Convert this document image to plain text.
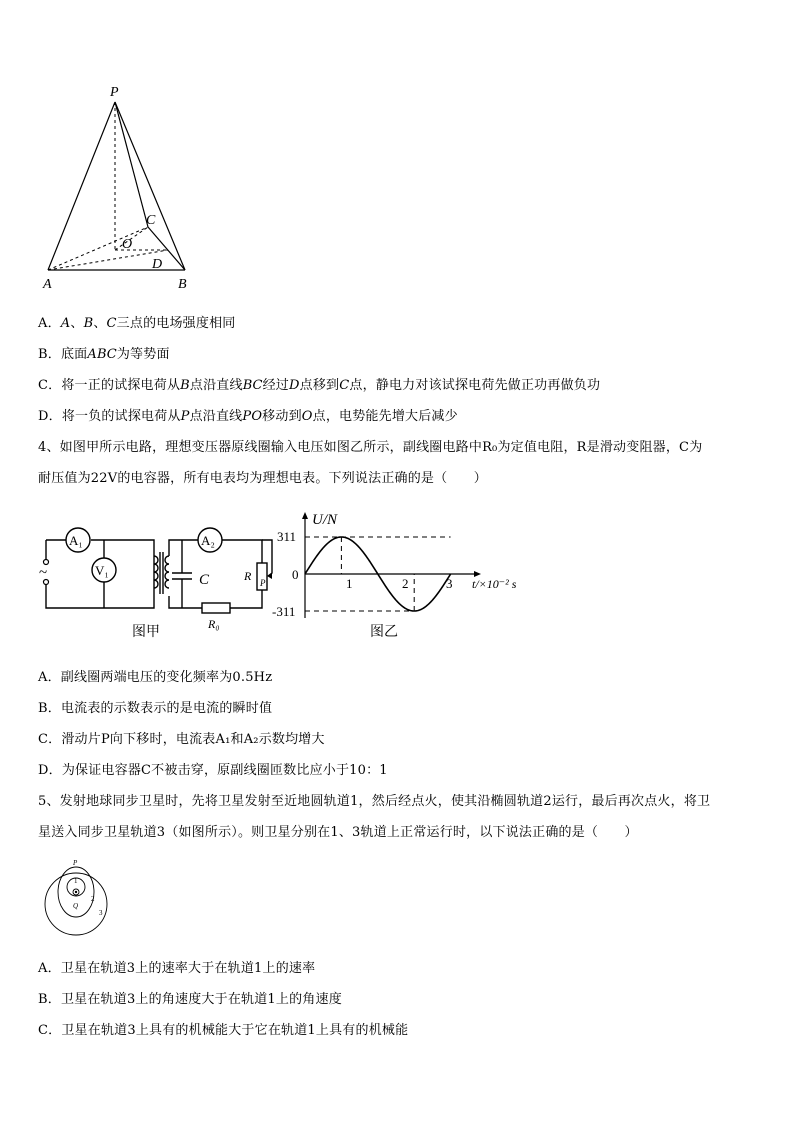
P
C
O
D
A	B
A．𝐴、𝐵、𝐶三点的电场强度相同
B．底面𝐴𝐵𝐶为等势面
C．将一正的试探电荷从𝐵点沿直线𝐵𝐶经过𝐷点移到𝐶点，静电力对该试探电荷先做正功再做负功
D．将一负的试探电荷从𝑃点沿直线𝑃𝑂移动到𝑂点，电势能先增大后减少
4、如图甲所示电路，理想变压器原线圈输入电压如图乙所示，副线圈电路中R₀为定值电阻，R是滑动变阻器，C为
耐压值为22V的电容器，所有电表均为理想电表。下列说法正确的是（　　）
~
A₁
V₁
A₂
C	R P
R₀
图甲
U/N
t/×10⁻² s
311
0
-311
1	2	3
图乙
A．副线圈两端电压的变化频率为0.5Hz
B．电流表的示数表示的是电流的瞬时值
C．滑动片P向下移时，电流表A₁和A₂示数均增大
D．为保证电容器C不被击穿，原副线圈匝数比应小于10：1
5、发射地球同步卫星时，先将卫星发射至近地圆轨道1，然后经点火，使其沿椭圆轨道2运行，最后再次点火，将卫
星送入同步卫星轨道3（如图所示）。则卫星分别在1、3轨道上正常运行时，以下说法正确的是（　　）
P
Q
1
2
3
A．卫星在轨道3上的速率大于在轨道1上的速率
B．卫星在轨道3上的角速度大于在轨道1上的角速度
C．卫星在轨道3上具有的机械能大于它在轨道1上具有的机械能
